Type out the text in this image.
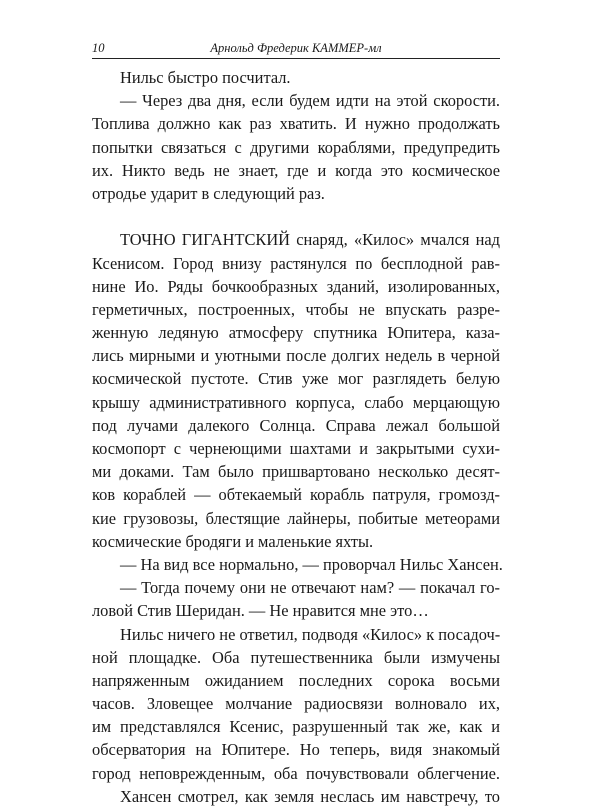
10	Арнольд Фредерик КАММЕР-мл
Нильс быстро посчитал.
— Через два дня, если будем идти на этой скорости.
Топлива должно как раз хватить. И нужно продолжать
попытки связаться с другими кораблями, предупредить
их. Никто ведь не знает, где и когда это космическое
отродье ударит в следующий раз.
ТОЧНО ГИГАНТСКИЙ снаряд, «Килос» мчался над
Ксенисом. Город внизу растянулся по бесплодной рав-
нине Ио. Ряды бочкообразных зданий, изолированных,
герметичных, построенных, чтобы не впускать разре-
женную ледяную атмосферу спутника Юпитера, каза-
лись мирными и уютными после долгих недель в черной
космической пустоте. Стив уже мог разглядеть белую
крышу административного корпуса, слабо мерцающую
под лучами далекого Солнца. Справа лежал большой
космопорт с чернеющими шахтами и закрытыми сухи-
ми доками. Там было пришвартовано несколько десят-
ков кораблей — обтекаемый корабль патруля, громозд-
кие грузовозы, блестящие лайнеры, побитые метеорами
космические бродяги и маленькие яхты.
— На вид все нормально, — проворчал Нильс Хансен.
— Тогда почему они не отвечают нам? — покачал го-
ловой Стив Шеридан. — Не нравится мне это…
Нильс ничего не ответил, подводя «Килос» к посадоч-
ной площадке. Оба путешественника были измучены
напряженным ожиданием последних сорока восьми
часов. Зловещее молчание радиосвязи волновало их,
им представлялся Ксенис, разрушенный так же, как и
обсерватория на Юпитере. Но теперь, видя знакомый
город неповрежденным, оба почувствовали облегчение.
Хансен смотрел, как земля неслась им навстречу, то
